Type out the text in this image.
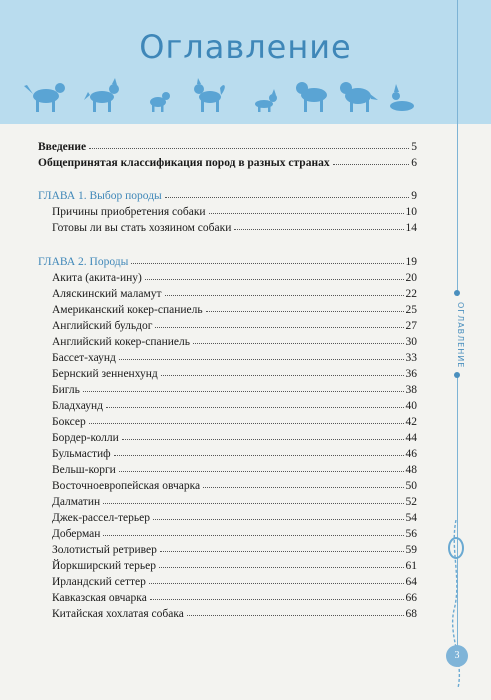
Оглавление
ОГЛАВЛЕНИЕ
3
Введение	5
Общепринятая классификация пород в разных странах	6
ГЛАВА 1. Выбор породы	9
Причины приобретения собаки	10
Готовы ли вы стать хозяином собаки	14
ГЛАВА 2. Породы	19
Акита (акита-ину)	20
Аляскинский маламут	22
Американский кокер-спаниель	25
Английский бульдог	27
Английский кокер-спаниель	30
Бассет-хаунд	33
Бернский зенненхунд	36
Бигль	38
Бладхаунд	40
Боксер	42
Бордер-колли	44
Бульмастиф	46
Вельш-корги	48
Восточноевропейская овчарка	50
Далматин	52
Джек-рассел-терьер	54
Доберман	56
Золотистый ретривер	59
Йоркширский терьер	61
Ирландский сеттер	64
Кавказская овчарка	66
Китайская хохлатая собака	68
